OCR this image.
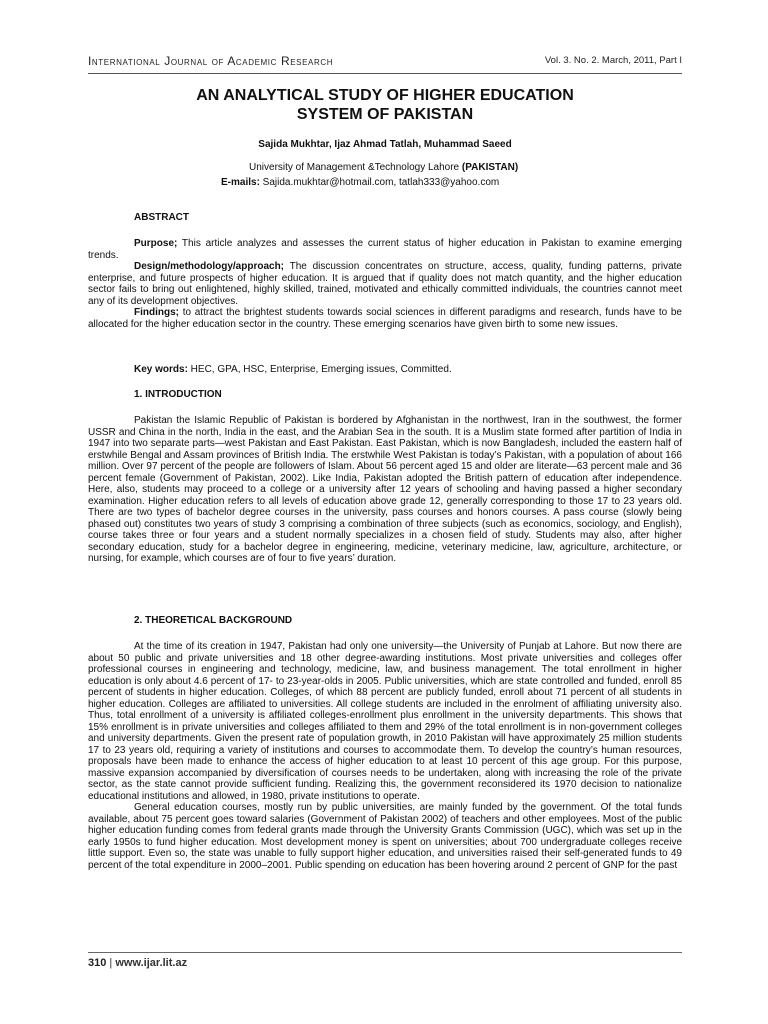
International Journal of Academic Research	Vol. 3. No. 2. March, 2011, Part I
AN ANALYTICAL STUDY OF HIGHER EDUCATION
SYSTEM OF PAKISTAN
Sajida Mukhtar, Ijaz Ahmad Tatlah, Muhammad Saeed
University of Management &Technology Lahore (PAKISTAN)
E-mails: Sajida.mukhtar@hotmail.com, tatlah333@yahoo.com
ABSTRACT

Purpose; This article analyzes and assesses the current status of higher education in Pakistan to examine emerging trends.

Design/methodology/approach; The discussion concentrates on structure, access, quality, funding patterns, private enterprise, and future prospects of higher education. It is argued that if quality does not match quantity, and the higher education sector fails to bring out enlightened, highly skilled, trained, motivated and ethically committed individuals, the countries cannot meet any of its development objectives.

Findings; to attract the brightest students towards social sciences in different paradigms and research, funds have to be allocated for the higher education sector in the country. These emerging scenarios have given birth to some new issues.

Key words: HEC, GPA, HSC, Enterprise, Emerging issues, Committed.
1. INTRODUCTION

Pakistan the Islamic Republic of Pakistan is bordered by Afghanistan in the northwest, Iran in the southwest, the former USSR and China in the north, India in the east, and the Arabian Sea in the south. It is a Muslim state formed after partition of India in 1947 into two separate parts—west Pakistan and East Pakistan. East Pakistan, which is now Bangladesh, included the eastern half of erstwhile Bengal and Assam provinces of British India. The erstwhile West Pakistan is today’s Pakistan, with a population of about 166 million. Over 97 percent of the people are followers of Islam. About 56 percent aged 15 and older are literate—63 percent male and 36 percent female (Government of Pakistan, 2002). Like India, Pakistan adopted the British pattern of education after independence. Here, also, students may proceed to a college or a university after 12 years of schooling and having passed a higher secondary examination. Higher education refers to all levels of education above grade 12, generally corresponding to those 17 to 23 years old. There are two types of bachelor degree courses in the university, pass courses and honors courses. A pass course (slowly being phased out) constitutes two years of study 3 comprising a combination of three subjects (such as economics, sociology, and English), course takes three or four years and a student normally specializes in a chosen field of study. Students may also, after higher secondary education, study for a bachelor degree in engineering, medicine, veterinary medicine, law, agriculture, architecture, or nursing, for example, which courses are of four to five years’ duration.

2. THEORETICAL BACKGROUND

At the time of its creation in 1947, Pakistan had only one university—the University of Punjab at Lahore. But now there are about 50 public and private universities and 18 other degree-awarding institutions. Most private universities and colleges offer professional courses in engineering and technology, medicine, law, and business management. The total enrollment in higher education is only about 4.6 percent of 17- to 23-year-olds in 2005. Public universities, which are state controlled and funded, enroll 85 percent of students in higher education. Colleges, of which 88 percent are publicly funded, enroll about 71 percent of all students in higher education. Colleges are affiliated to universities. All college students are included in the enrolment of affiliating university also. Thus, total enrollment of a university is affiliated colleges-enrollment plus enrollment in the university departments. This shows that 15% enrollment is in private universities and colleges affiliated to them and 29% of the total enrollment is in non-government colleges and university departments. Given the present rate of population growth, in 2010 Pakistan will have approximately 25 million students 17 to 23 years old, requiring a variety of institutions and courses to accommodate them. To develop the country’s human resources, proposals have been made to enhance the access of higher education to at least 10 percent of this age group. For this purpose, massive expansion accompanied by diversification of courses needs to be undertaken, along with increasing the role of the private sector, as the state cannot provide sufficient funding. Realizing this, the government reconsidered its 1970 decision to nationalize educational institutions and allowed, in 1980, private institutions to operate.

General education courses, mostly run by public universities, are mainly funded by the government. Of the total funds available, about 75 percent goes toward salaries (Government of Pakistan 2002) of teachers and other employees. Most of the public higher education funding comes from federal grants made through the University Grants Commission (UGC), which was set up in the early 1950s to fund higher education. Most development money is spent on universities; about 700 undergraduate colleges receive little support. Even so, the state was unable to fully support higher education, and universities raised their self-generated funds to 49 percent of the total expenditure in 2000–2001. Public spending on education has been hovering around 2 percent of GNP for the past

310 | www.ijar.lit.az
